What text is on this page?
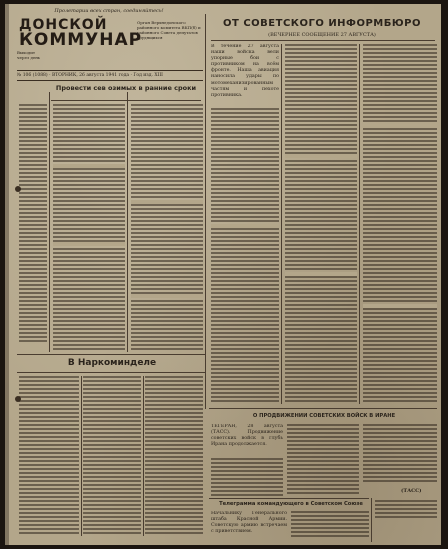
Пролетарии всех стран, соединяйтесь!
ДОНСКОЙ
КОММУНАР
Орган Верхнедонского районного комитета ВКП(б) и районного Совета депутатов трудящихся
Выходит через день
№ 106 (1088) · ВТОРНИК, 26 августа 1941 года · Год изд. XIII
ОТ СОВЕТСКОГО ИНФОРМБЮРО
(ВЕЧЕРНЕЕ СООБЩЕНИЕ 27 АВГУСТА)
Провести сев озимых в ранние сроки
В Наркоминделе
В течение 27 августа наши войска вели упорные бои с противником на всём фронте. Наша авиация наносила удары по мотомеханизированным частям и пехоте противника.
О ПРОДВИЖЕНИИ СОВЕТСКИХ ВОЙСК В ИРАНЕ
ТЕГЕРАН, 28 августа (ТАСС). Продвижение советских войск в глубь Ирана продолжается.
(ТАСС)
Телеграмма командующего в Советском Союзе
Начальнику Генерального штаба Красной Армии. Советскую армию встречаем с приветствием.
